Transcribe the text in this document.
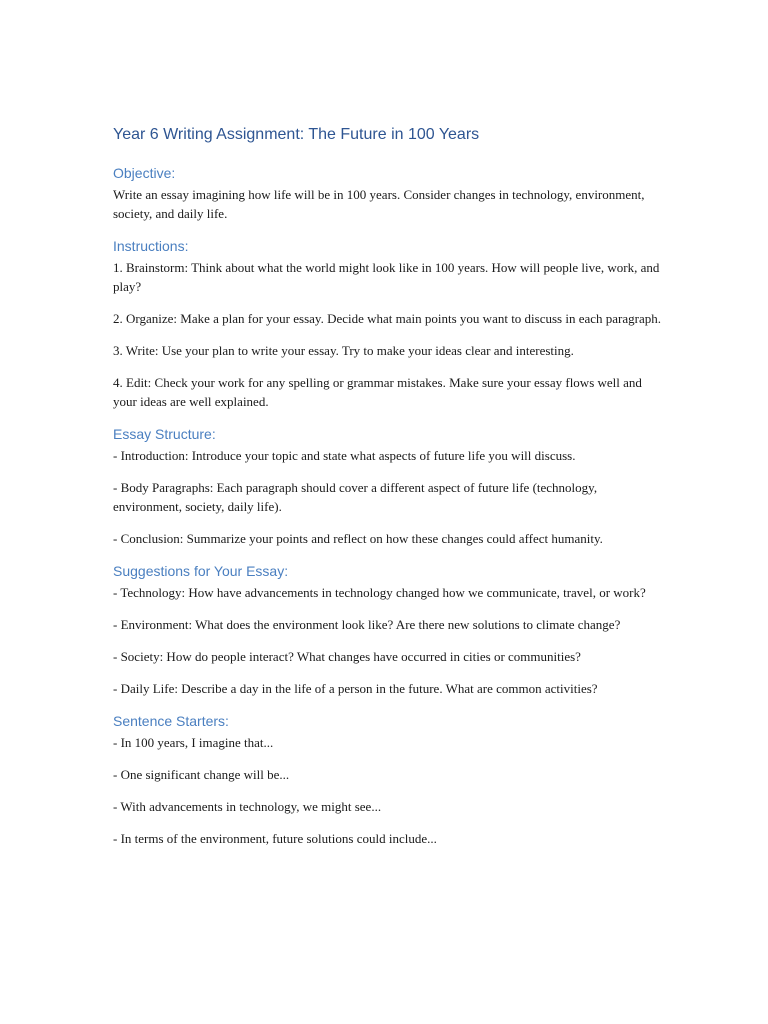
Year 6 Writing Assignment: The Future in 100 Years
Objective:

Write an essay imagining how life will be in 100 years. Consider changes in technology, environment, society, and daily life.

Instructions:

1. Brainstorm: Think about what the world might look like in 100 years. How will people live, work, and play?

2. Organize: Make a plan for your essay. Decide what main points you want to discuss in each paragraph.

3. Write: Use your plan to write your essay. Try to make your ideas clear and interesting.

4. Edit: Check your work for any spelling or grammar mistakes. Make sure your essay flows well and your ideas are well explained.

Essay Structure:

- Introduction: Introduce your topic and state what aspects of future life you will discuss.

- Body Paragraphs: Each paragraph should cover a different aspect of future life (technology, environment, society, daily life).

- Conclusion: Summarize your points and reflect on how these changes could affect humanity.

Suggestions for Your Essay:

- Technology: How have advancements in technology changed how we communicate, travel, or work?

- Environment: What does the environment look like? Are there new solutions to climate change?

- Society: How do people interact? What changes have occurred in cities or communities?

- Daily Life: Describe a day in the life of a person in the future. What are common activities?

Sentence Starters:

- In 100 years, I imagine that...

- One significant change will be...

- With advancements in technology, we might see...

- In terms of the environment, future solutions could include...
